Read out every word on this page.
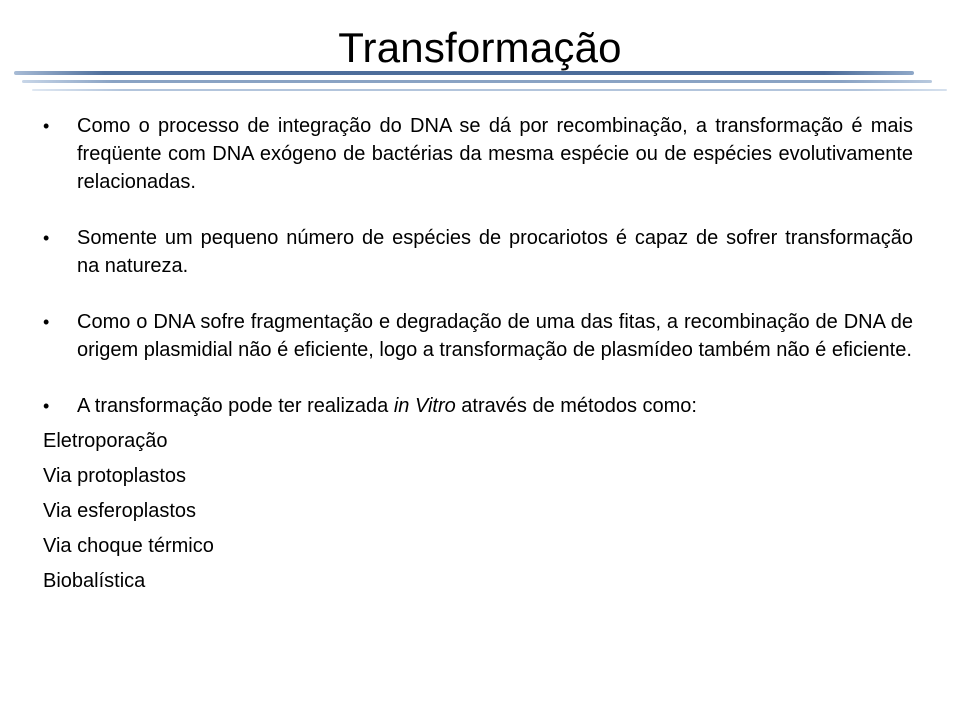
Transformação
•	Como o processo de integração do DNA se dá por recombinação, a transformação é mais freqüente com DNA exógeno de bactérias da mesma espécie ou de espécies evolutivamente relacionadas.
•	Somente um pequeno número de espécies de procariotos é capaz de sofrer transformação na natureza.
•	Como o DNA sofre fragmentação e degradação de uma das fitas, a recombinação de DNA de origem plasmidial não é eficiente, logo a transformação de plasmídeo também não é eficiente.
•	A transformação pode ter realizada in Vitro através de métodos como:
Eletroporação
Via protoplastos
Via esferoplastos
Via choque térmico
Biobalística
